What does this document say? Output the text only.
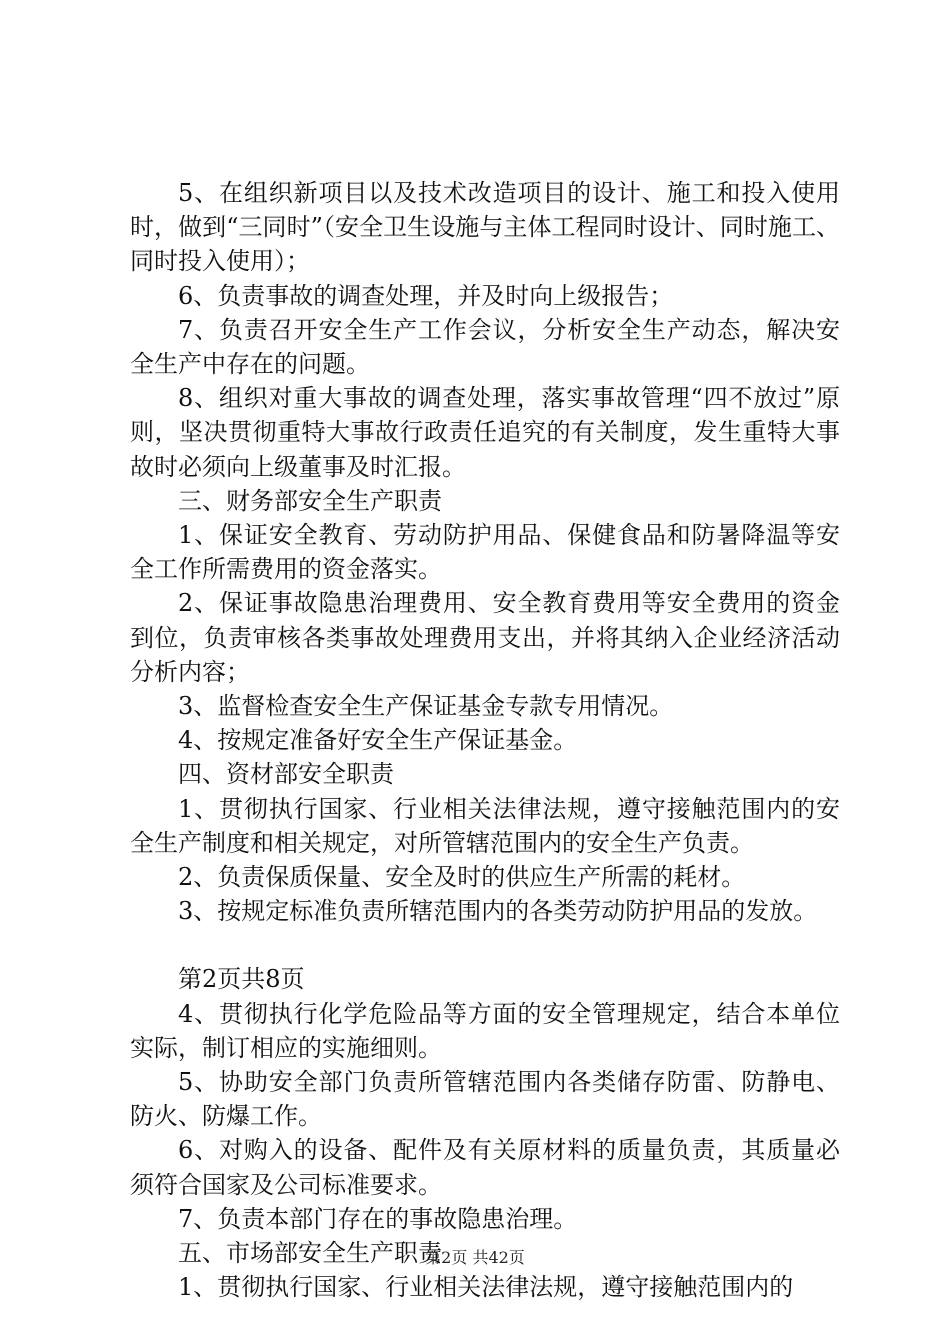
5、在组织新项目以及技术改造项目的设计、施工和投入使用时，做到“三同时”（安全卫生设施与主体工程同时设计、同时施工、同时投入使用）；

6、负责事故的调查处理，并及时向上级报告；

7、负责召开安全生产工作会议，分析安全生产动态，解决安全生产中存在的问题。

8、组织对重大事故的调查处理，落实事故管理“四不放过”原则，坚决贯彻重特大事故行政责任追究的有关制度，发生重特大事故时必须向上级董事及时汇报。

三、财务部安全生产职责

1、保证安全教育、劳动防护用品、保健食品和防暑降温等安全工作所需费用的资金落实。

2、保证事故隐患治理费用、安全教育费用等安全费用的资金到位，负责审核各类事故处理费用支出，并将其纳入企业经济活动分析内容；

3、监督检查安全生产保证基金专款专用情况。

4、按规定准备好安全生产保证基金。

四、资材部安全职责

1、贯彻执行国家、行业相关法律法规，遵守接触范围内的安全生产制度和相关规定，对所管辖范围内的安全生产负责。

2、负责保质保量、安全及时的供应生产所需的耗材。

3、按规定标准负责所辖范围内的各类劳动防护用品的发放。

第2页共8页

4、贯彻执行化学危险品等方面的安全管理规定，结合本单位实际，制订相应的实施细则。

5、协助安全部门负责所管辖范围内各类储存防雷、防静电、防火、防爆工作。

6、对购入的设备、配件及有关原材料的质量负责，其质量必须符合国家及公司标准要求。

7、负责本部门存在的事故隐患治理。

五、市场部安全生产职责

1、贯彻执行国家、行业相关法律法规，遵守接触范围内的

第2页 共42页
